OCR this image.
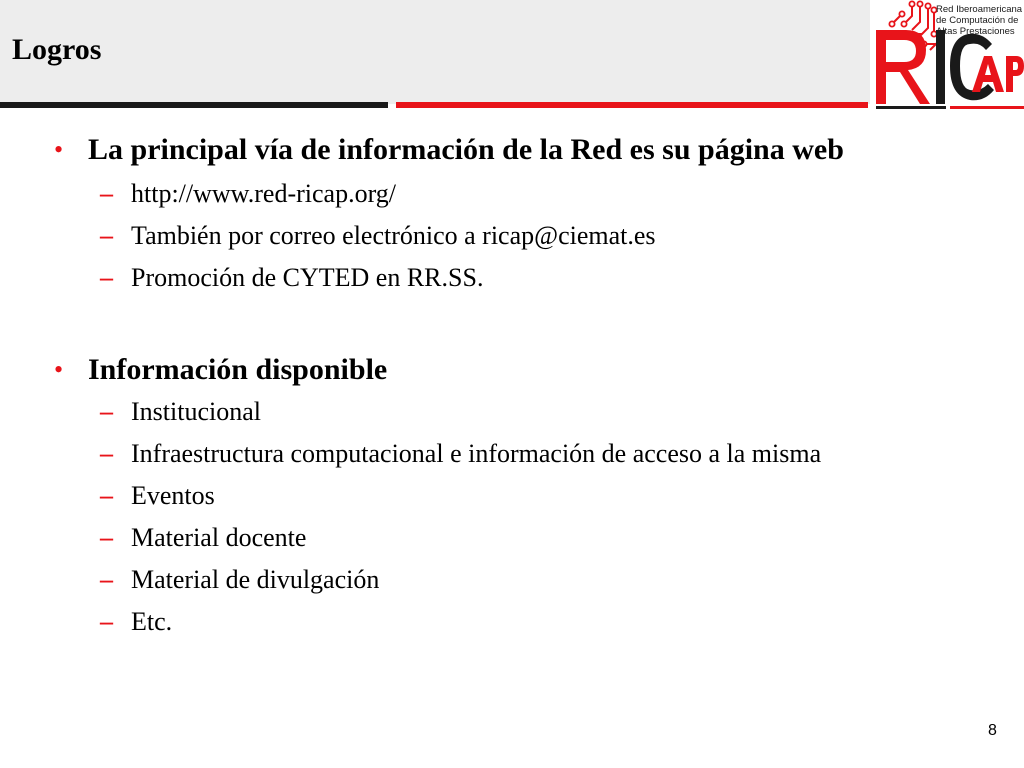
Logros
Red Iberoamericana
de Computación de
Altas Prestaciones
• La principal vía de información de la Red es su página web
– http://www.red-ricap.org/
– También por correo electrónico a ricap@ciemat.es
– Promoción de CYTED en RR.SS.
• Información disponible
– Institucional
– Infraestructura computacional e información de acceso a la misma
– Eventos
– Material docente
– Material de divulgación
– Etc.
8
